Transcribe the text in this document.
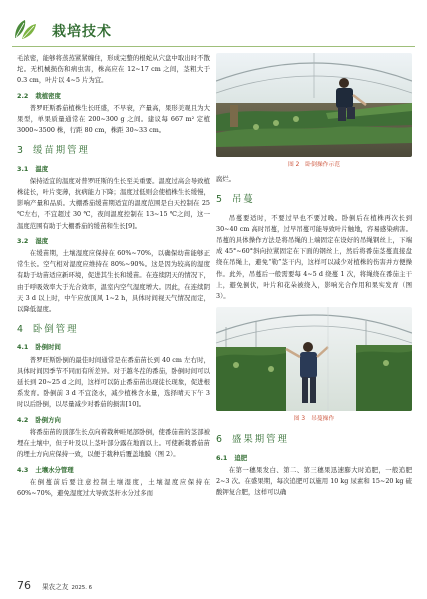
栽培技术

毛浓密，能够将蒸蒸紧紧缠住，形成完整的根蛇从穴盘中取出时不散坨。无机械损伤和病虫害，株高应在 12~17 cm 之间，茎粗大于 0.3 cm，叶片以 4~5 片为宜。

2.2 栽植密度

普罗旺斯番茄植株生长旺盛，不早衰，产量高，果形美观且为大果型，单果质量通常在 200~300 g 之间。建议每 667 m² 定植 3000~3500 株，行距 80 cm，株距 30~33 cm。

3 缓苗期管理
3.1 温度

保持适宜的温度对普罗旺斯的生长至关重要。温度过高会导致植株徒长，叶片变薄，抗病能力下降；温度过低则会使植株生长缓慢，影响产量和品质。大棚番茄缓苗期适宜的温度范围是白天控制在 25 ℃左右，不宜超过 30 ℃，夜间温度控制在 13~15 ℃之间，这一温度范围有助于大棚番茄的缓苗和生长[9]。

3.2 湿度

在缓苗期，土壤湿度应保持在 60%~70%，以确保幼苗能够正常生长。空气相对湿度应维持在 80%~90%。这是因为较高的湿度有助于幼苗适应新环境，促进其生长和缓苗。在连续阴天的情况下，由于呼吸效率大于光合效率，温室内空气湿度增大。因此，在连续阴天 3 d 以上时，中午应放顶风 1~2 h，具体时间视天气情况而定，以降低湿度。

4 卧倒管理
4.1 卧倒时间

普罗旺斯卧倒的最佳时间通常是在番茄苗长到 40 cm 左右时，具体时间因季节不同而有所差异。对于越冬茬的番茄，卧倒时间可以延长到 20~25 d 之间，这样可以防止番茄苗出现徒长现象，促进根系发育。卧倒前 3 d 不宜浇水，减少植株含水量，选择晴天下午 3 时以后卧倒，以尽量减少对番茄的损害[10]。

4.2 卧倒方向

将番茄苗的顶部生长点向着栽种畦尾部卧倒，使番茄苗的茎部被埋在土壤中，但子叶及以上茎叶部分露在地面以上。可使新栽番茄苗的埋土方向应保持一致，以便于栽种后覆盖地膜（图 2）。

4.3 土壤水分管理

在倒蔓前后要注意控制土壤湿度，土壤湿度应保持在 60%~70%，避免湿度过大导致茎秆水分过多而

图 2 卧倒操作示范

腐烂。

5 吊蔓

吊蔓要适时，不要过早也不要过晚。卧倒后在植株再次长到 30~40 cm 高时吊蔓，过早吊蔓可能导致叶片触地，容易感染病害。吊蔓的具体操作方法是将吊绳的上端固定在设好的吊绳钢丝上，下端成 45°~60°斜向拉紧固定在下面的钢丝上，然后将番茄茎蔓直接盘绕在吊绳上，避免“勒”茎干内，这样可以减少对植株的伤害并方便操作。此外，吊蔓后一般需要每 4~5 d 绕蔓 1 次，将绳绕在番茄主干上，避免倒伏，叶片和花朵被绕入，影响光合作用和果实发育（图 3）。

图 3 吊蔓操作
6 盛果期管理
6.1 追肥

在第一穗果发白、第二、第三穗果迅速膨大时追肥，一般追肥 2~3 次。在盛果期，每次追肥可以施用 10 kg 尿素和 15~20 kg 硫酸钾复合肥，这样可以确

76 果农之友 2025. 6
